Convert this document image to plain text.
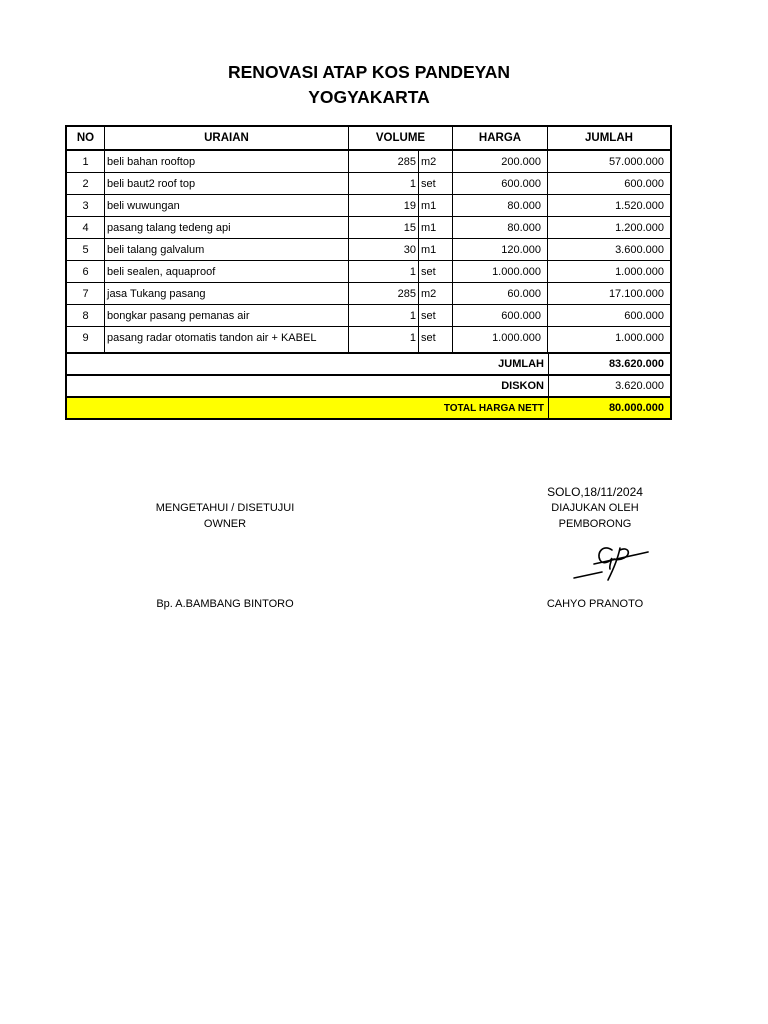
RENOVASI ATAP KOS PANDEYAN
YOGYAKARTA
NO	URAIAN	VOLUME	HARGA	JUMLAH
1	beli bahan rooftop	285 m2	200.000	57.000.000
2	beli baut2 roof top	1 set	600.000	600.000
3	beli wuwungan	19 m1	80.000	1.520.000
4	pasang talang tedeng api	15 m1	80.000	1.200.000
5	beli talang galvalum	30 m1	120.000	3.600.000
6	beli sealen, aquaproof	1 set	1.000.000	1.000.000
7	jasa Tukang pasang	285 m2	60.000	17.100.000
8	bongkar pasang pemanas air	1 set	600.000	600.000
9	pasang radar otomatis tandon air + KABEL	1 set	1.000.000	1.000.000
JUMLAH	83.620.000
DISKON	3.620.000
TOTAL HARGA NETT	80.000.000
SOLO,18/11/2024
MENGETAHUI / DISETUJUI
OWNER
Bp. A.BAMBANG BINTORO
DIAJUKAN OLEH
PEMBORONG
CAHYO PRANOTO
